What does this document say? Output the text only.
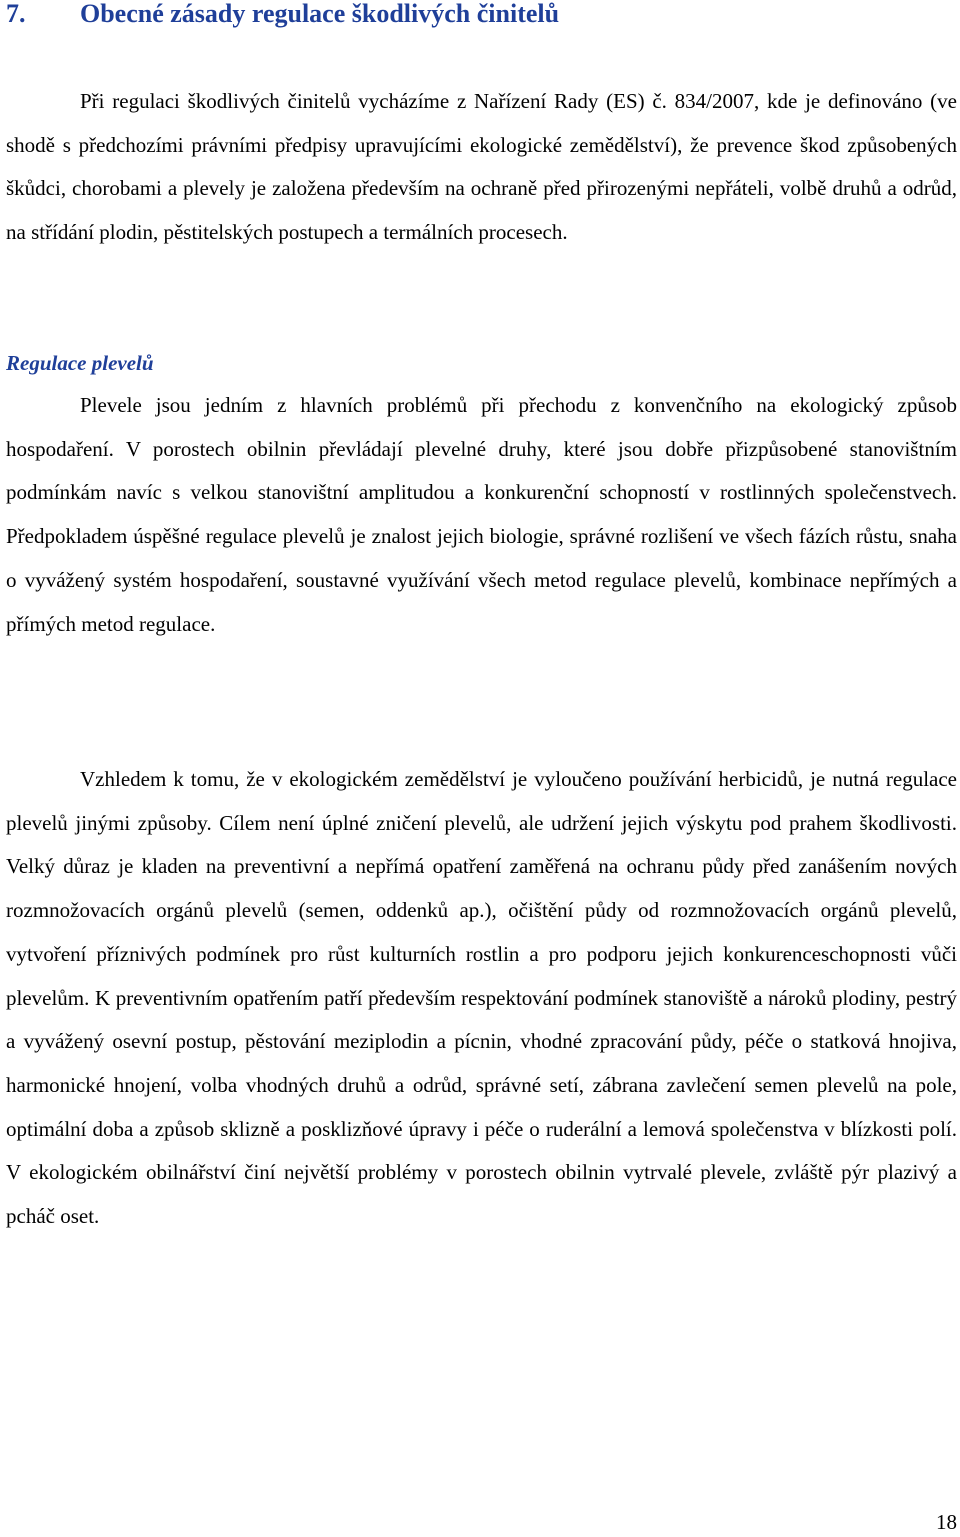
7. Obecné zásady regulace škodlivých činitelů

Při regulaci škodlivých činitelů vycházíme z Nařízení Rady (ES) č. 834/2007, kde je definováno (ve shodě s předchozími právními předpisy upravujícími ekologické zemědělství), že prevence škod způsobených škůdci, chorobami a plevely je založena především na ochraně před přirozenými nepřáteli, volbě druhů a odrůd, na střídání plodin, pěstitelských postupech a termálních procesech.

Regulace plevelů

Plevele jsou jedním z hlavních problémů při přechodu z konvenčního na ekologický způsob hospodaření. V porostech obilnin převládají plevelné druhy, které jsou dobře přizpůsobené stanovištním podmínkám navíc s velkou stanovištní amplitudou a konkurenční schopností v rostlinných společenstvech. Předpokladem úspěšné regulace plevelů je znalost jejich biologie, správné rozlišení ve všech fázích růstu, snaha o vyvážený systém hospodaření, soustavné využívání všech metod regulace plevelů, kombinace nepřímých a přímých metod regulace.

Vzhledem k tomu, že v ekologickém zemědělství je vyloučeno používání herbicidů, je nutná regulace plevelů jinými způsoby. Cílem není úplné zničení plevelů, ale udržení jejich výskytu pod prahem škodlivosti. Velký důraz je kladen na preventivní a nepřímá opatření zaměřená na ochranu půdy před zanášením nových rozmnožovacích orgánů plevelů (semen, oddenků ap.), očištění půdy od rozmnožovacích orgánů plevelů, vytvoření příznivých podmínek pro růst kulturních rostlin a pro podporu jejich konkurenceschopnosti vůči plevelům. K preventivním opatřením patří především respektování podmínek stanoviště a nároků plodiny, pestrý a vyvážený osevní postup, pěstování meziplodin a pícnin, vhodné zpracování půdy, péče o statková hnojiva, harmonické hnojení, volba vhodných druhů a odrůd, správné setí, zábrana zavlečení semen plevelů na pole, optimální doba a způsob sklizně a posklizňové úpravy i péče o ruderální a lemová společenstva v blízkosti polí. V ekologickém obilnářství činí největší problémy v porostech obilnin vytrvalé plevele, zvláště pýr plazivý a pcháč oset.

18
